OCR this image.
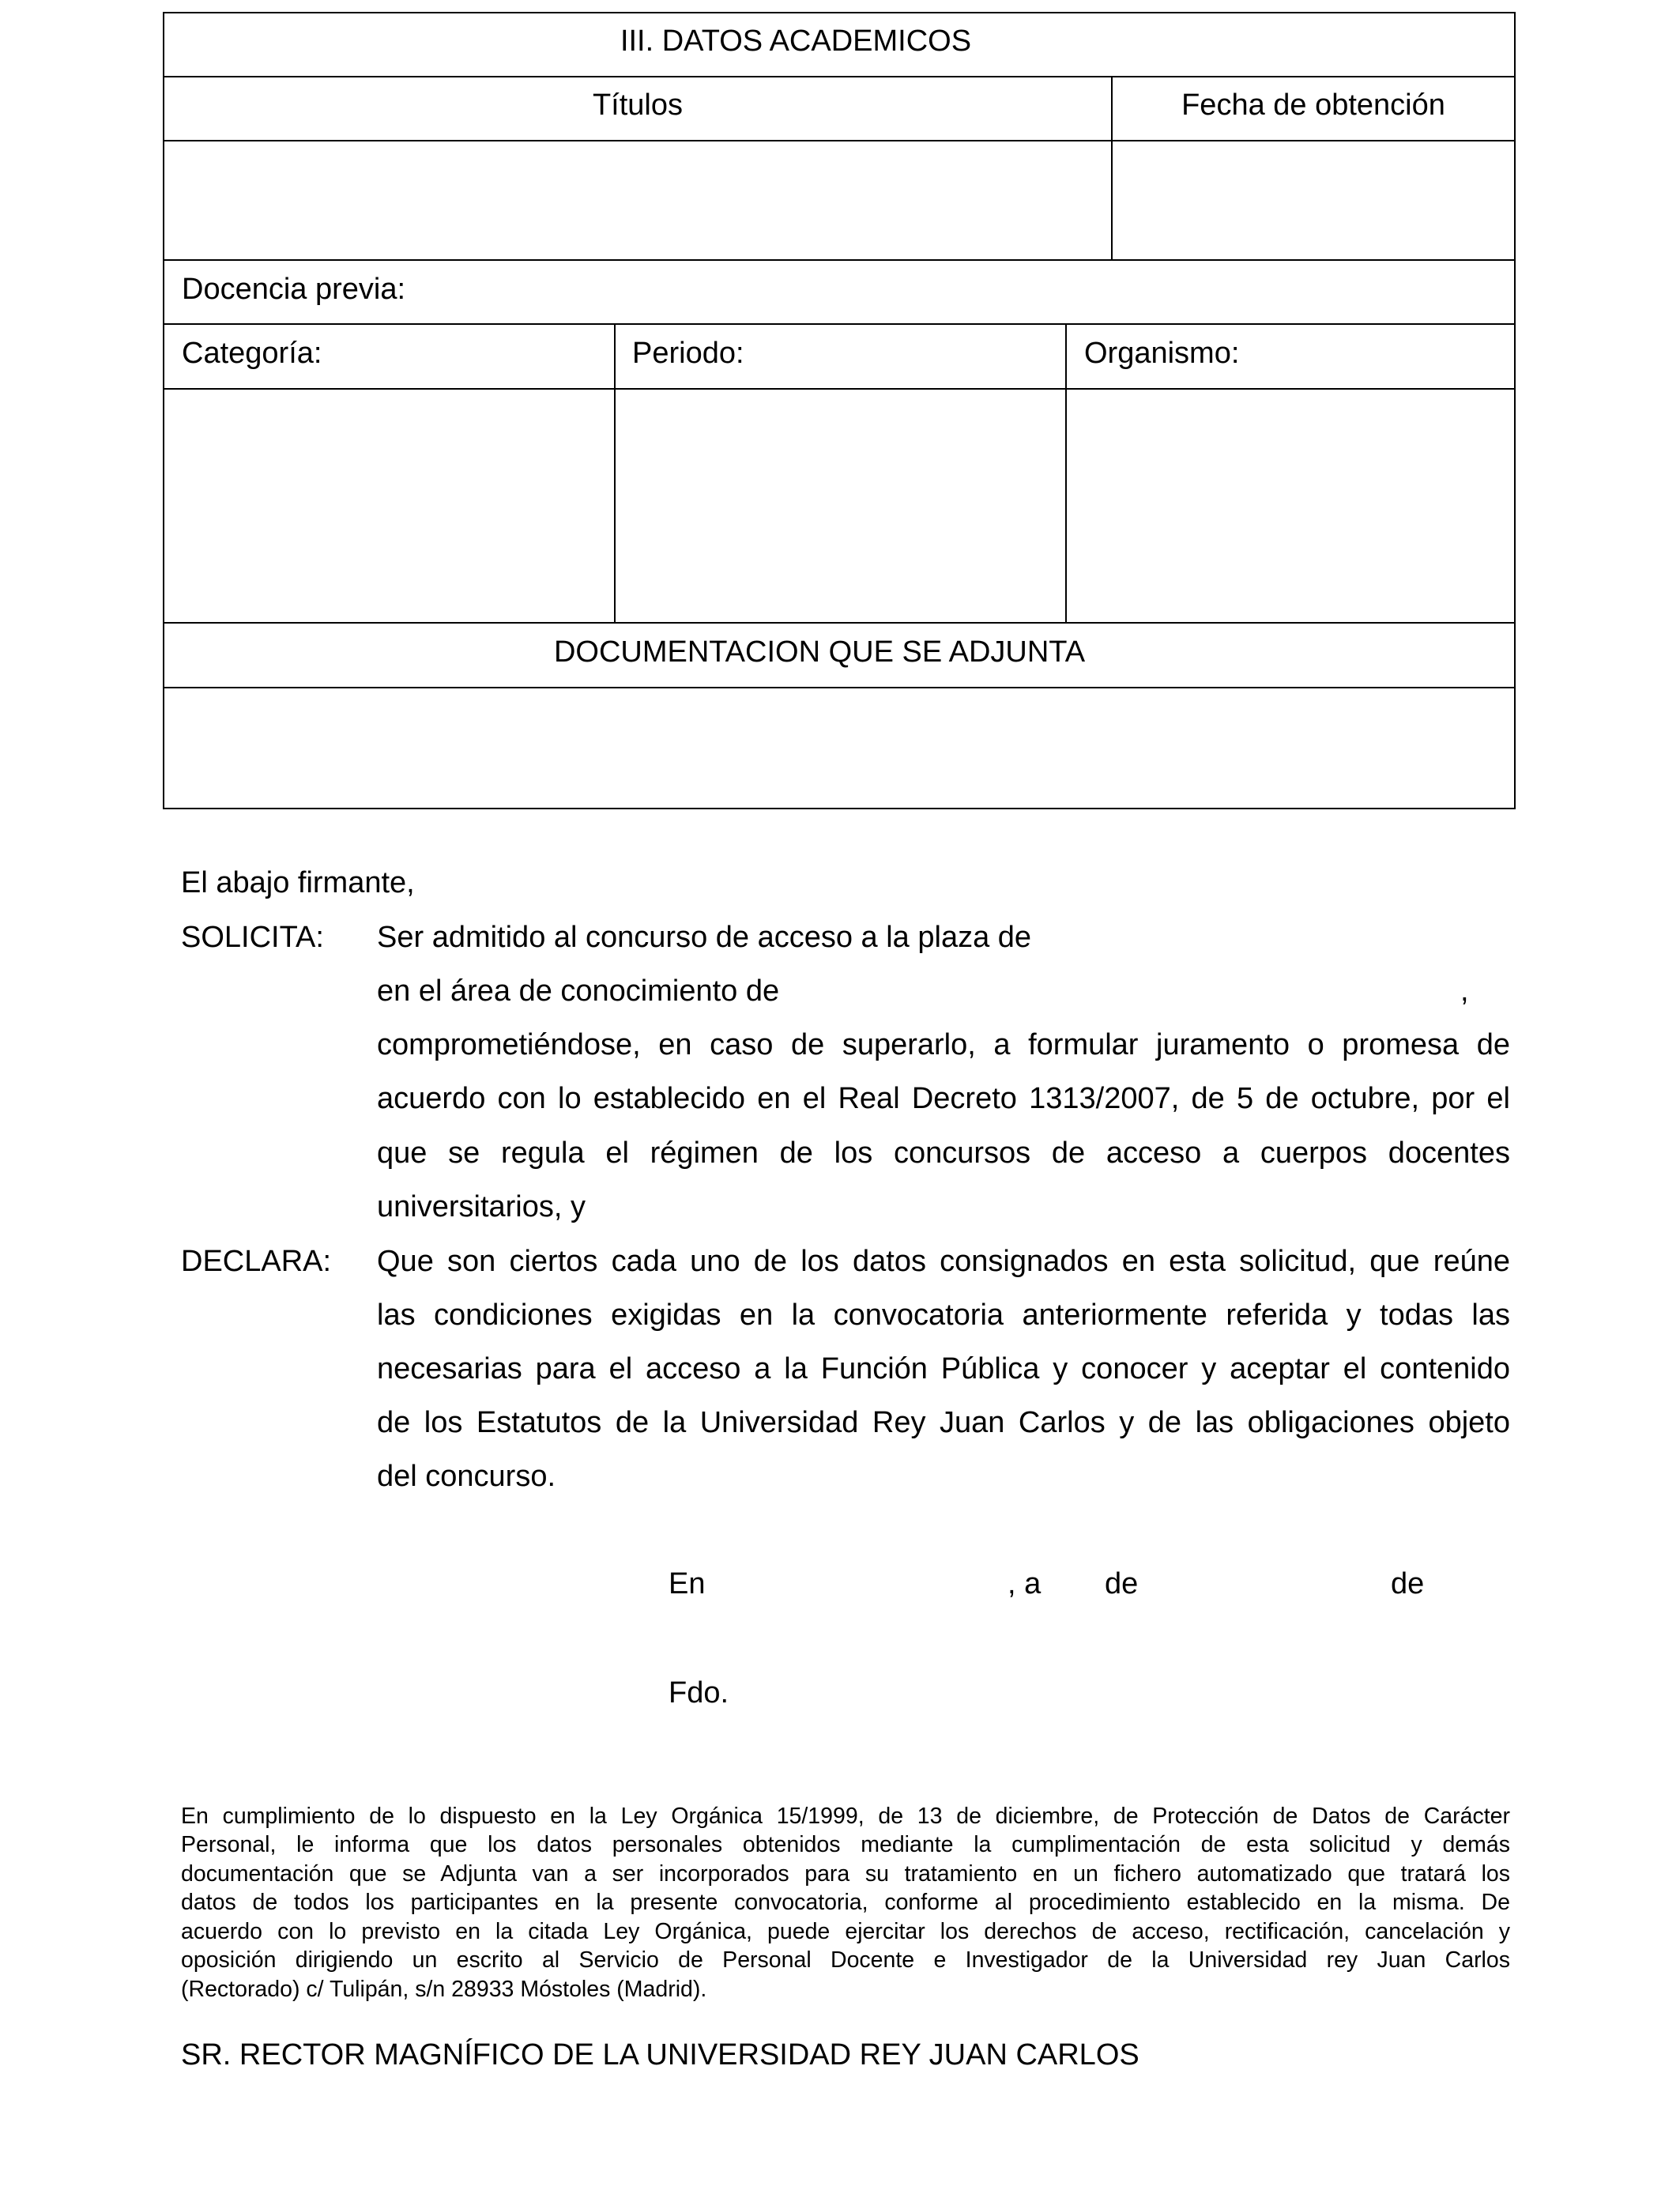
III. DATOS ACADEMICOS
Títulos	Fecha de obtención
Docencia previa:
Categoría:	Periodo:	Organismo:
DOCUMENTACION QUE SE ADJUNTA
El abajo firmante,
SOLICITA: Ser admitido al concurso de acceso a la plaza de
en el área de conocimiento de	,
comprometiéndose, en caso de superarlo, a formular juramento o promesa de
acuerdo con lo establecido en el Real Decreto 1313/2007, de 5 de octubre, por el
que se regula el régimen de los concursos de acceso a cuerpos docentes
universitarios, y
DECLARA: Que son ciertos cada uno de los datos consignados en esta solicitud, que reúne
las condiciones exigidas en la convocatoria anteriormente referida y todas las
necesarias para el acceso a la Función Pública y conocer y aceptar el contenido
de los Estatutos de la Universidad Rey Juan Carlos y de las obligaciones objeto
del concurso.
En	, a de	de
Fdo.
En cumplimiento de lo dispuesto en la Ley Orgánica 15/1999, de 13 de diciembre, de Protección de Datos de Carácter
Personal, le informa que los datos personales obtenidos mediante la cumplimentación de esta solicitud y demás
documentación que se Adjunta van a ser incorporados para su tratamiento en un fichero automatizado que tratará los
datos de todos los participantes en la presente convocatoria, conforme al procedimiento establecido en la misma. De
acuerdo con lo previsto en la citada Ley Orgánica, puede ejercitar los derechos de acceso, rectificación, cancelación y
oposición dirigiendo un escrito al Servicio de Personal Docente e Investigador de la Universidad rey Juan Carlos
(Rectorado) c/ Tulipán, s/n 28933 Móstoles (Madrid).
SR. RECTOR MAGNÍFICO DE LA UNIVERSIDAD REY JUAN CARLOS
